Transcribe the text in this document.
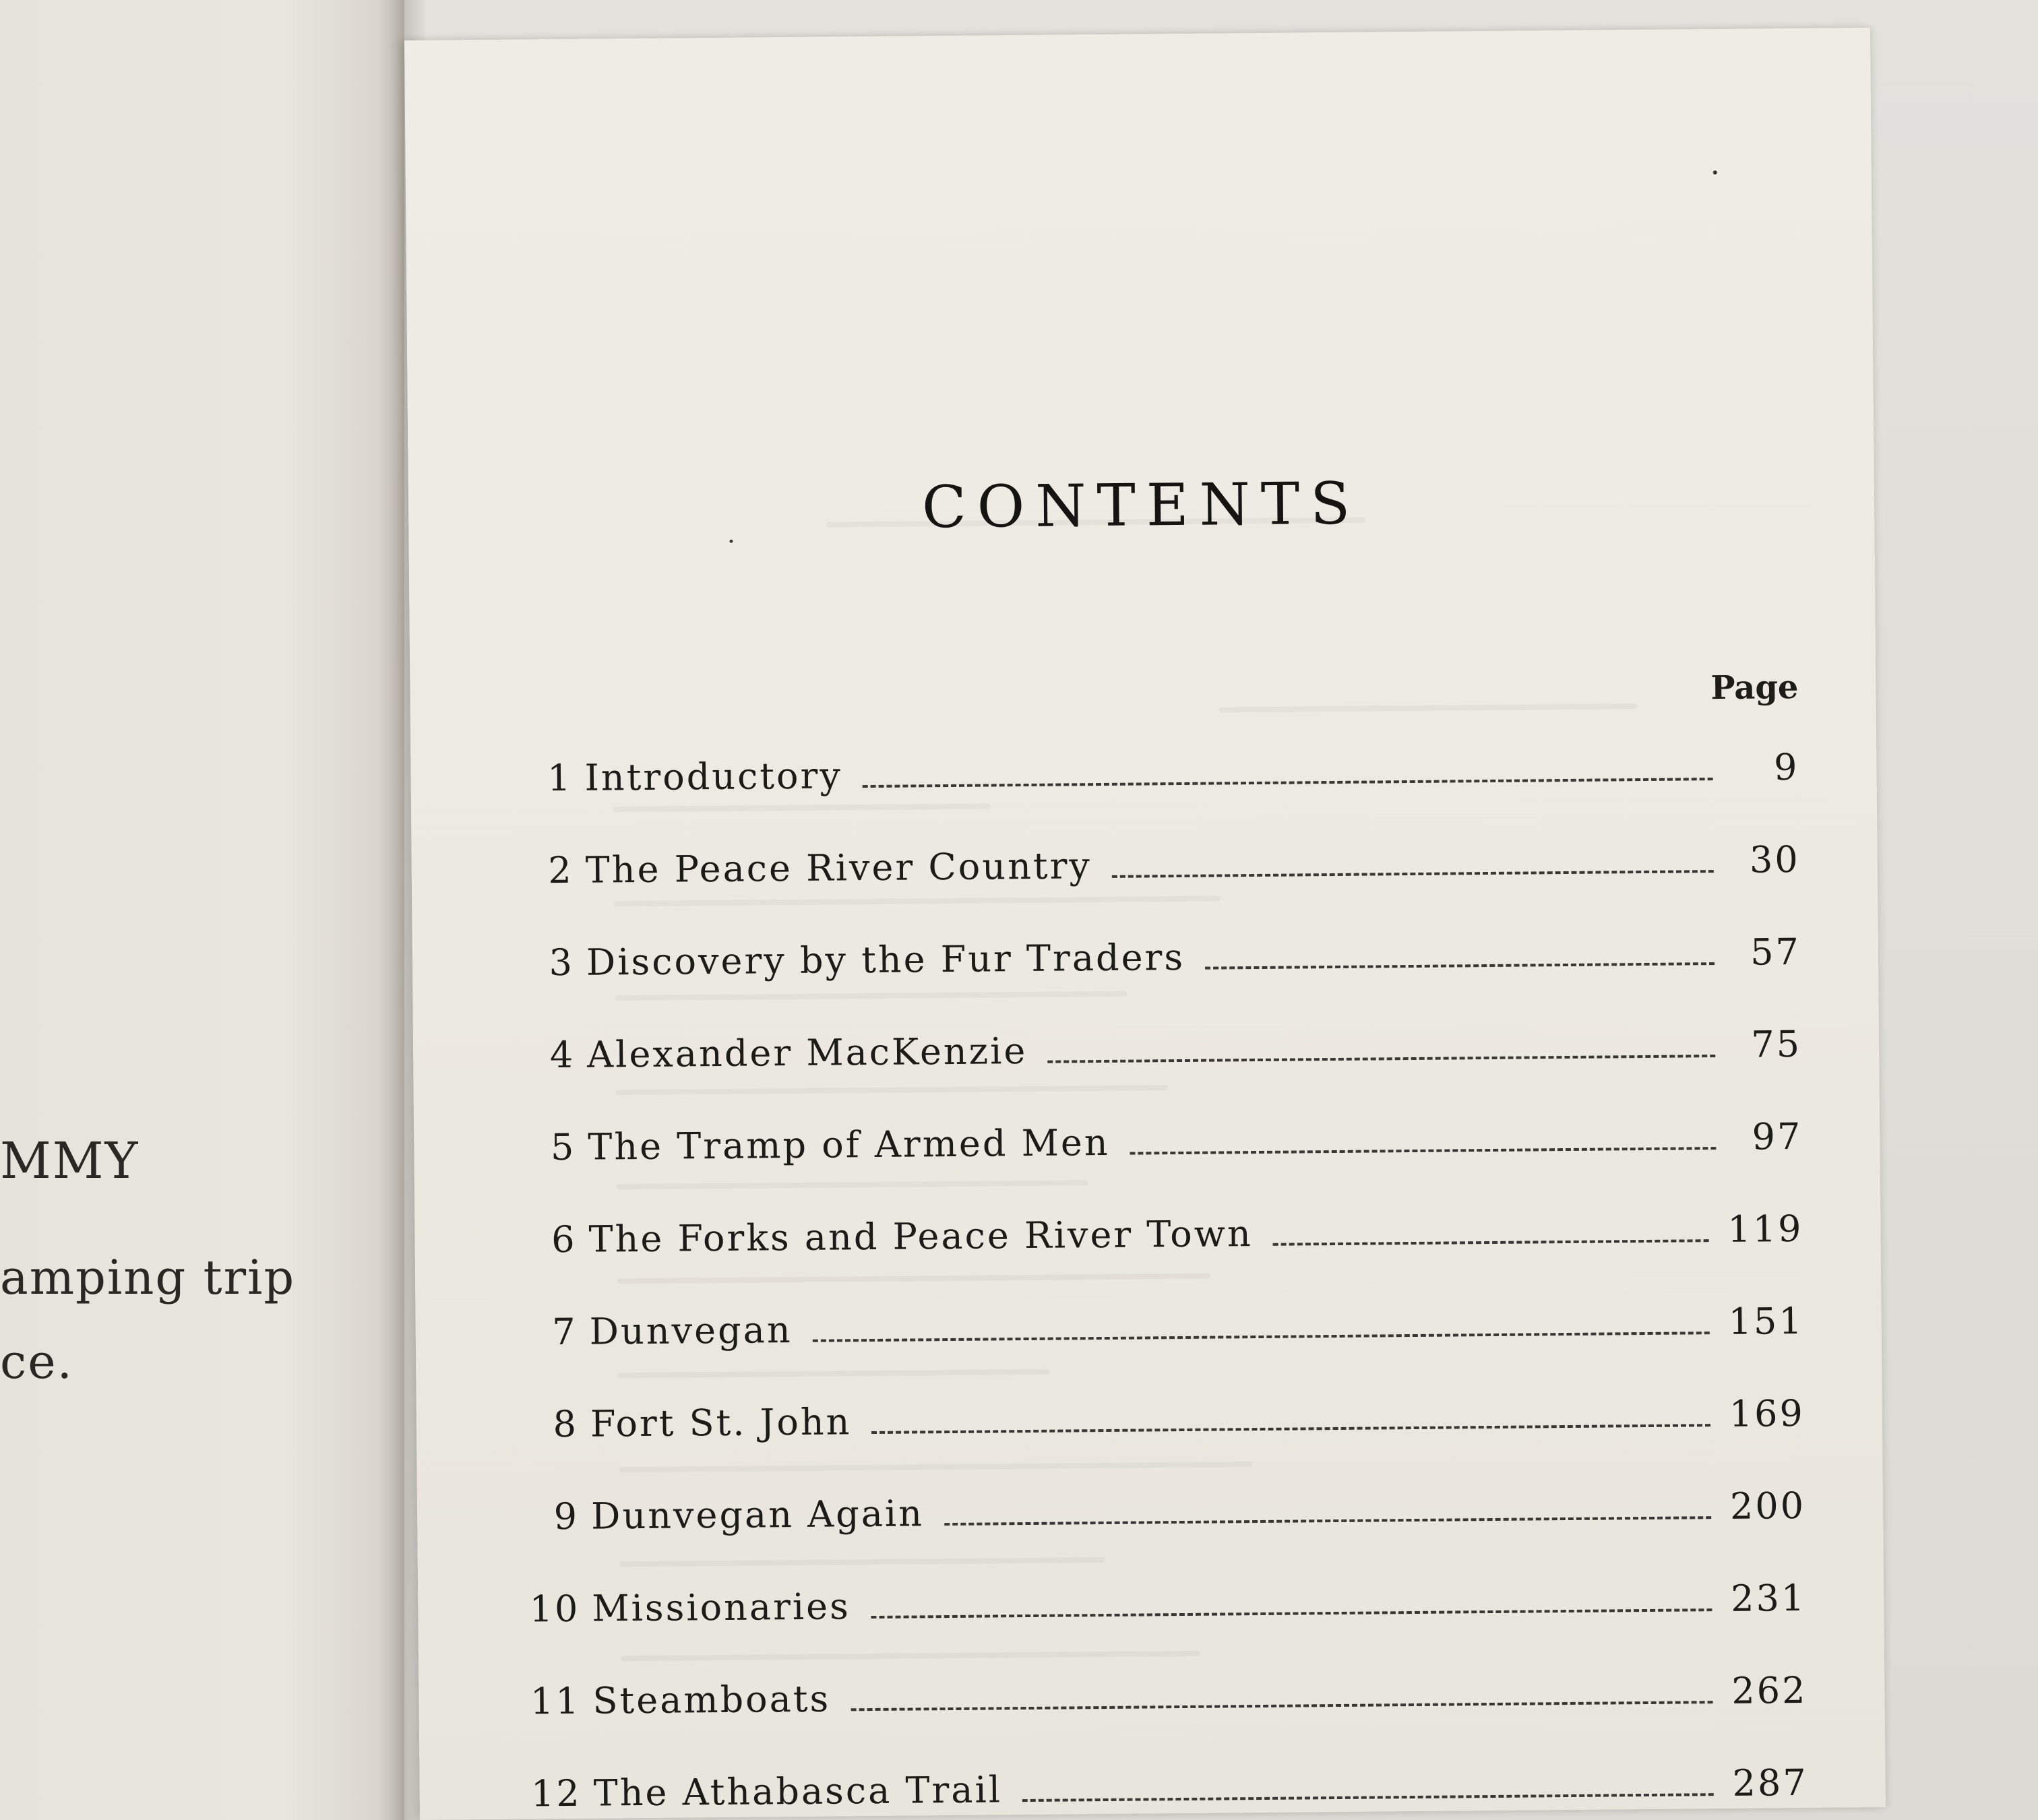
MMY
amping trip
ce.
CONTENTS
Page
1 Introductory	9
2 The Peace River Country	30
3 Discovery by the Fur Traders	57
4 Alexander MacKenzie	75
5 The Tramp of Armed Men	97
6 The Forks and Peace River Town	119
7 Dunvegan	151
8 Fort St. John	169
9 Dunvegan Again	200
10 Missionaries	231
11 Steamboats	262
12 The Athabasca Trail	287
